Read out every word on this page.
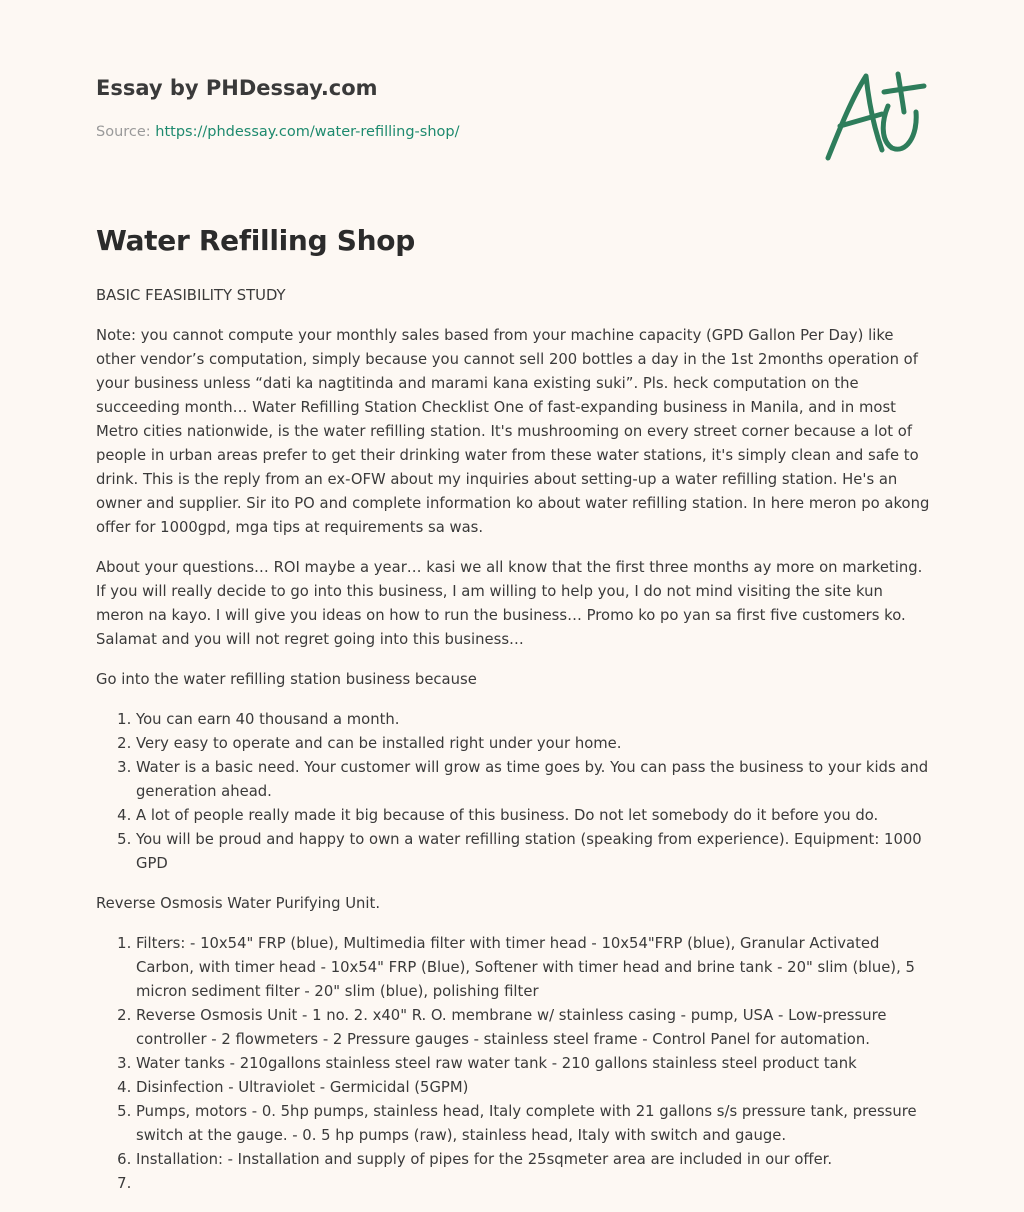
Essay by PHDessay.com
Source: https://phdessay.com/water-refilling-shop/
Water Refilling Shop

BASIC FEASIBILITY STUDY

Note: you cannot compute your monthly sales based from your machine capacity (GPD Gallon Per Day) like other vendor’s computation, simply because you cannot sell 200 bottles a day in the 1st 2months operation of your business unless “dati ka nagtitinda and marami kana existing suki”. Pls. heck computation on the succeeding month… Water Refilling Station Checklist One of fast-expanding business in Manila, and in most Metro cities nationwide, is the water refilling station. It's mushrooming on every street corner because a lot of people in urban areas prefer to get their drinking water from these water stations, it's simply clean and safe to drink. This is the reply from an ex-OFW about my inquiries about setting-up a water refilling station. He's an owner and supplier. Sir ito PO and complete information ko about water refilling station. In here meron po akong offer for 1000gpd, mga tips at requirements sa was.

About your questions… ROI maybe a year… kasi we all know that the first three months ay more on marketing. If you will really decide to go into this business, I am willing to help you, I do not mind visiting the site kun meron na kayo. I will give you ideas on how to run the business… Promo ko po yan sa first five customers ko. Salamat and you will not regret going into this business…

Go into the water refilling station business because

1. You can earn 40 thousand a month.
2. Very easy to operate and can be installed right under your home.
3. Water is a basic need. Your customer will grow as time goes by. You can pass the business to your kids and generation ahead.
4. A lot of people really made it big because of this business. Do not let somebody do it before you do.
5. You will be proud and happy to own a water refilling station (speaking from experience). Equipment: 1000 GPD

Reverse Osmosis Water Purifying Unit.

1. Filters: - 10x54" FRP (blue), Multimedia filter with timer head - 10x54"FRP (blue), Granular Activated Carbon, with timer head - 10x54" FRP (Blue), Softener with timer head and brine tank - 20" slim (blue), 5 micron sediment filter - 20" slim (blue), polishing filter
2. Reverse Osmosis Unit - 1 no. 2. x40" R. O. membrane w/ stainless casing - pump, USA - Low-pressure controller - 2 flowmeters - 2 Pressure gauges - stainless steel frame - Control Panel for automation.
3. Water tanks - 210gallons stainless steel raw water tank - 210 gallons stainless steel product tank
4. Disinfection - Ultraviolet - Germicidal (5GPM)
5. Pumps, motors - 0. 5hp pumps, stainless head, Italy complete with 21 gallons s/s pressure tank, pressure switch at the gauge. - 0. 5 hp pumps (raw), stainless head, Italy with switch and gauge.
6. Installation: - Installation and supply of pipes for the 25sqmeter area are included in our offer.
7.
